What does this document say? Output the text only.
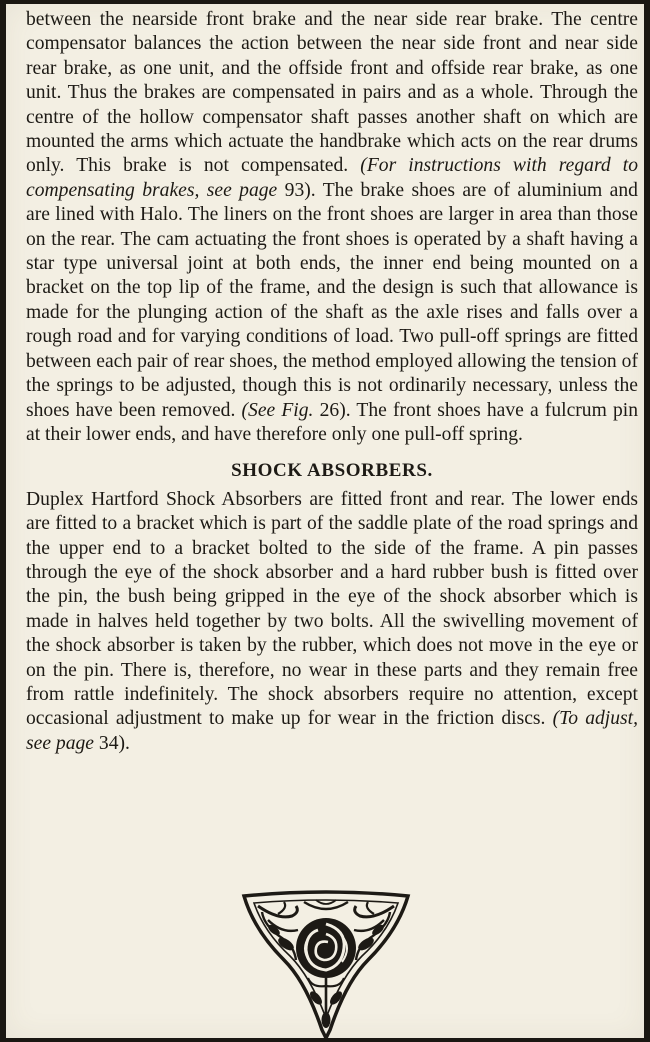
between the nearside front brake and the near side rear brake. The centre compensator balances the action between the near side front and near side rear brake, as one unit, and the offside front and offside rear brake, as one unit. Thus the brakes are compensated in pairs and as a whole. Through the centre of the hollow compensator shaft passes another shaft on which are mounted the arms which actuate the handbrake which acts on the rear drums only. This brake is not compensated. (For instructions with regard to compensating brakes, see page 93). The brake shoes are of aluminium and are lined with Halo. The liners on the front shoes are larger in area than those on the rear. The cam actuating the front shoes is operated by a shaft having a star type universal joint at both ends, the inner end being mounted on a bracket on the top lip of the frame, and the design is such that allowance is made for the plunging action of the shaft as the axle rises and falls over a rough road and for varying conditions of load. Two pull-off springs are fitted between each pair of rear shoes, the method employed allowing the tension of the springs to be adjusted, though this is not ordinarily necessary, unless the shoes have been removed. (See Fig. 26). The front shoes have a fulcrum pin at their lower ends, and have therefore only one pull-off spring.

SHOCK ABSORBERS.

Duplex Hartford Shock Absorbers are fitted front and rear. The lower ends are fitted to a bracket which is part of the saddle plate of the road springs and the upper end to a bracket bolted to the side of the frame. A pin passes through the eye of the shock absorber and a hard rubber bush is fitted over the pin, the bush being gripped in the eye of the shock absorber which is made in halves held together by two bolts. All the swivelling movement of the shock absorber is taken by the rubber, which does not move in the eye or on the pin. There is, therefore, no wear in these parts and they remain free from rattle indefinitely. The shock absorbers require no attention, except occasional adjustment to make up for wear in the friction discs. (To adjust, see page 34).
